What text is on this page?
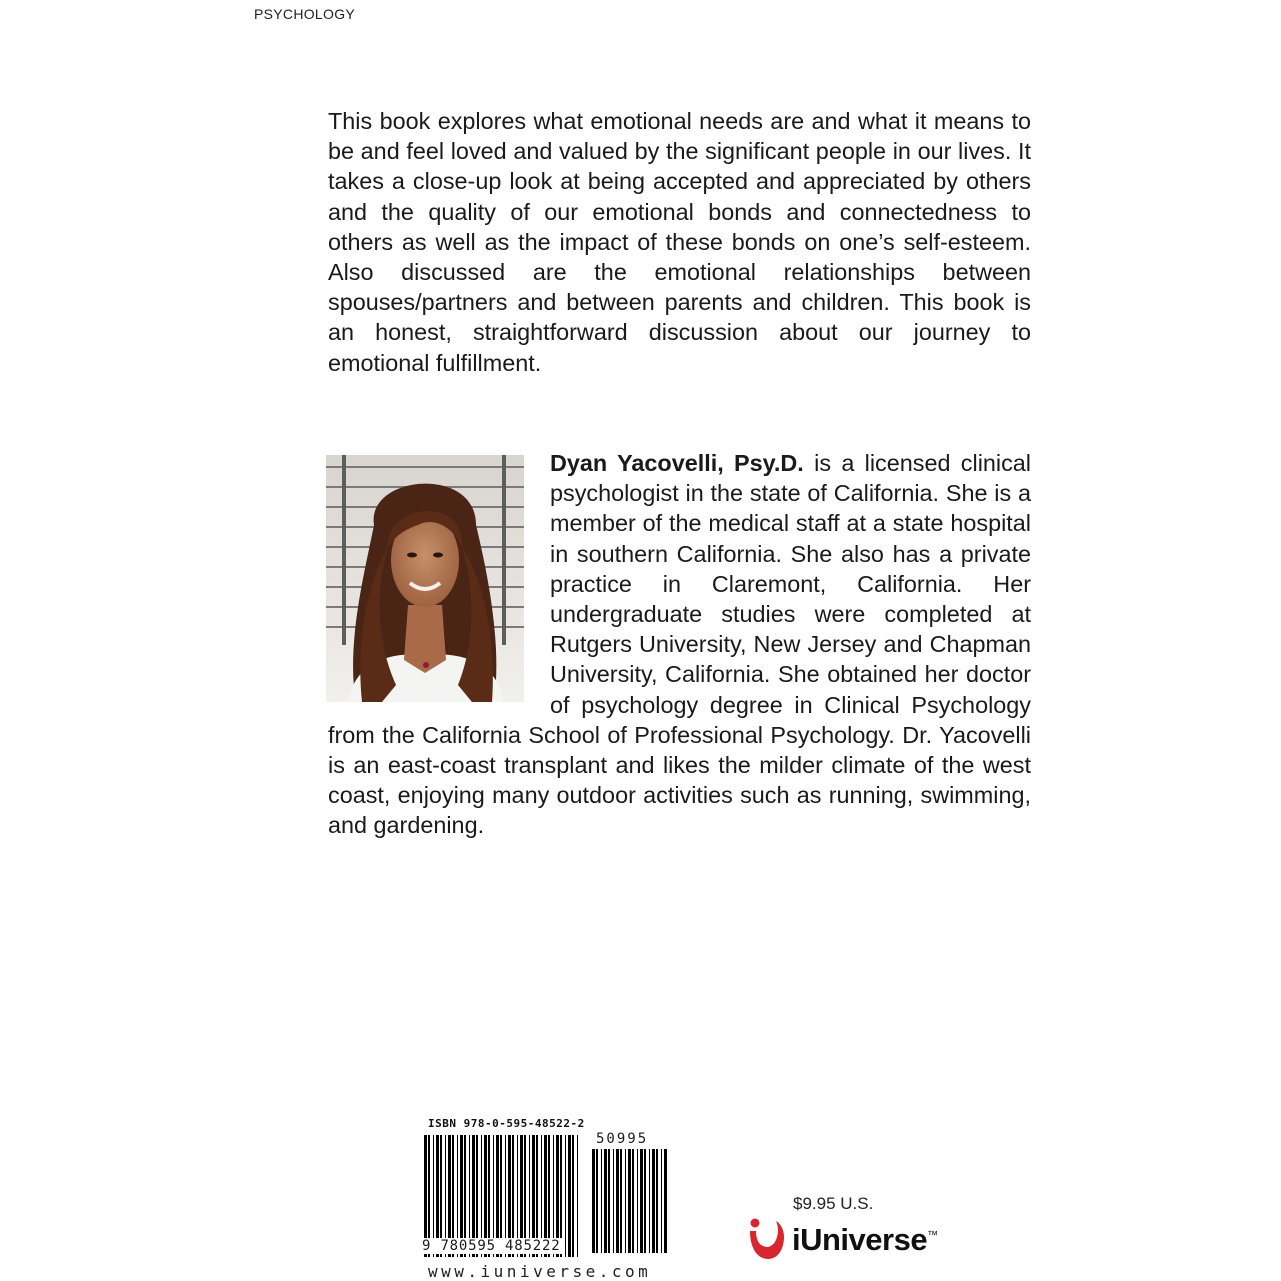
PSYCHOLOGY

This book explores what emotional needs are and what it means to be and feel loved and valued by the significant people in our lives. It takes a close-up look at being accepted and appreciated by others and the quality of our emotional bonds and connectedness to others as well as the impact of these bonds on one’s self-esteem. Also discussed are the emotional relationships between spouses/partners and between parents and children. This book is an honest, straightforward discussion about our journey to emotional fulfillment.

Dyan Yacovelli, Psy.D. is a licensed clinical psychologist in the state of California. She is a member of the medical staff at a state hospital in southern California. She also has a private practice in Claremont, California. Her undergraduate studies were completed at Rutgers University, New Jersey and Chapman University, California. She obtained her doctor of psychology degree in Clinical Psychology from the California School of Professional Psychology. Dr. Yacovelli is an east-coast transplant and likes the milder climate of the west coast, enjoying many outdoor activities such as running, swimming, and gardening.

ISBN 978-0-595-48522-2
50995
9 780595 485222
www.iuniverse.com
$9.95 U.S.
iUniverse™
